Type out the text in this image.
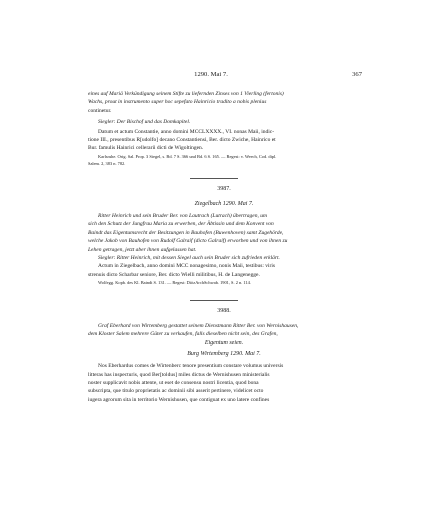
1290. Mai 7.	367

eines auf Mariä Verkündigung seinem Stifte zu liefernden Zinses von 1 Vierling (fertonis)

Wachs, prout in instrumento super hoc sepefato Hainricio tradito a nobis plenius

continetur.

Siegler: Der Bischof und das Domkapitel.

Datum et actum Constantie, anno domini MCCLXXXX., VI. nonas Maii, indic-

tione III., presentibus R[udolfo] decano Constantiensi, Ber. dicto Zwiche, Hainrico et

Bur. famulis Hainrici cellerarii dicti de Wigoltingen.

Karlsruhe. Orig. Sal. Prop. 3 Siegel, s. Bd. 7 S. 366 und Bd. 6 S. 165. — Regest: v. Weech, Cod. dipl.

Salem. 2, 383 n. 782.

3987.

Ziegelbach 1290. Mai 7.

Ritter Heinrich und sein Bruder Ber. von Lautrach (Lutrach) übertragen, um

sich den Schutz der Jungfrau Maria zu erwerben, der Äbtissin und dem Konvent von

Baindt das Eigentumsrecht der Besitzungen in Bauhofen (Buwenhoven) samt Zugehörde,

welche Jakob von Bauhofen von Rudolf Galraif (dicto Galraif) erworben und von ihnen zu

Lehen getragen, jetzt aber ihnen aufgelassen hat.

Siegler: Ritter Heinrich, mit dessen Siegel auch sein Bruder sich zufrieden erklärt.

Actum in Ziegelbach, anno domini MCC nonagesimo, nonis Maii, testibus: viris

strenuis dicto Scharbar seniore, Ber. dicto Wielli militibus, H. de Langenegge.

Wolfegg. Kopb. des Kl. Baindt S. 131. — Regest: DiözArchSchwab. 1901, S. 2 n. 114.

3988.

Graf Eberhard von Wirtemberg gestattet seinem Dienstmann Ritter Ber. von Wernishausen,

dem Kloster Salem mehrere Güter zu verkaufen, falls dieselben nicht sein, des Grafen,

Eigentum seien.

Burg Wirtemberg 1290. Mai 7.

Nos Eberhardus comes de Wirtenberc tenore presentium constare volumus universis

litteras has inspecturis, quod Ber[toldus] miles dictus de Wernishusen ministerialis

noster supplicavit nobis attente, ut eset de consensu nostri licentia, quod bona

subscripta, que titulo proprietatis ac dominii sibi asserit pertinere, videlicet octo

iugera agrorum sita in territorio Wernishusen, que contiguat ex uno latere confines
